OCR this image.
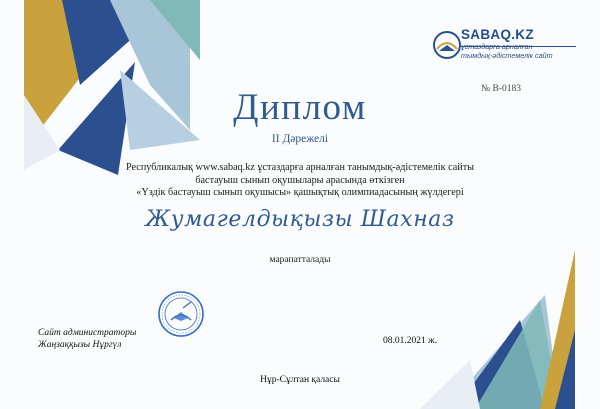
SABAQ.KZ
ұстаздарға арналған
тымдық-әдістемелік сайт
№ В-0183
Диплом
ІІ Дәрежелі
Республикалық www.sabaq.kz ұстаздарға арналған танымдық-әдістемелік сайты
бастауыш сынып оқушылары арасында өткізген
«Үздік бастауыш сынып оқушысы» қашықтық олимпиадасының жүлдегері
Жумагелдықызы Шахназ
марапатталады
Сайт администраторы
Жаңзаққызы Нұргүл	08.01.2021 ж.
Нұр-Сұлтан қаласы
